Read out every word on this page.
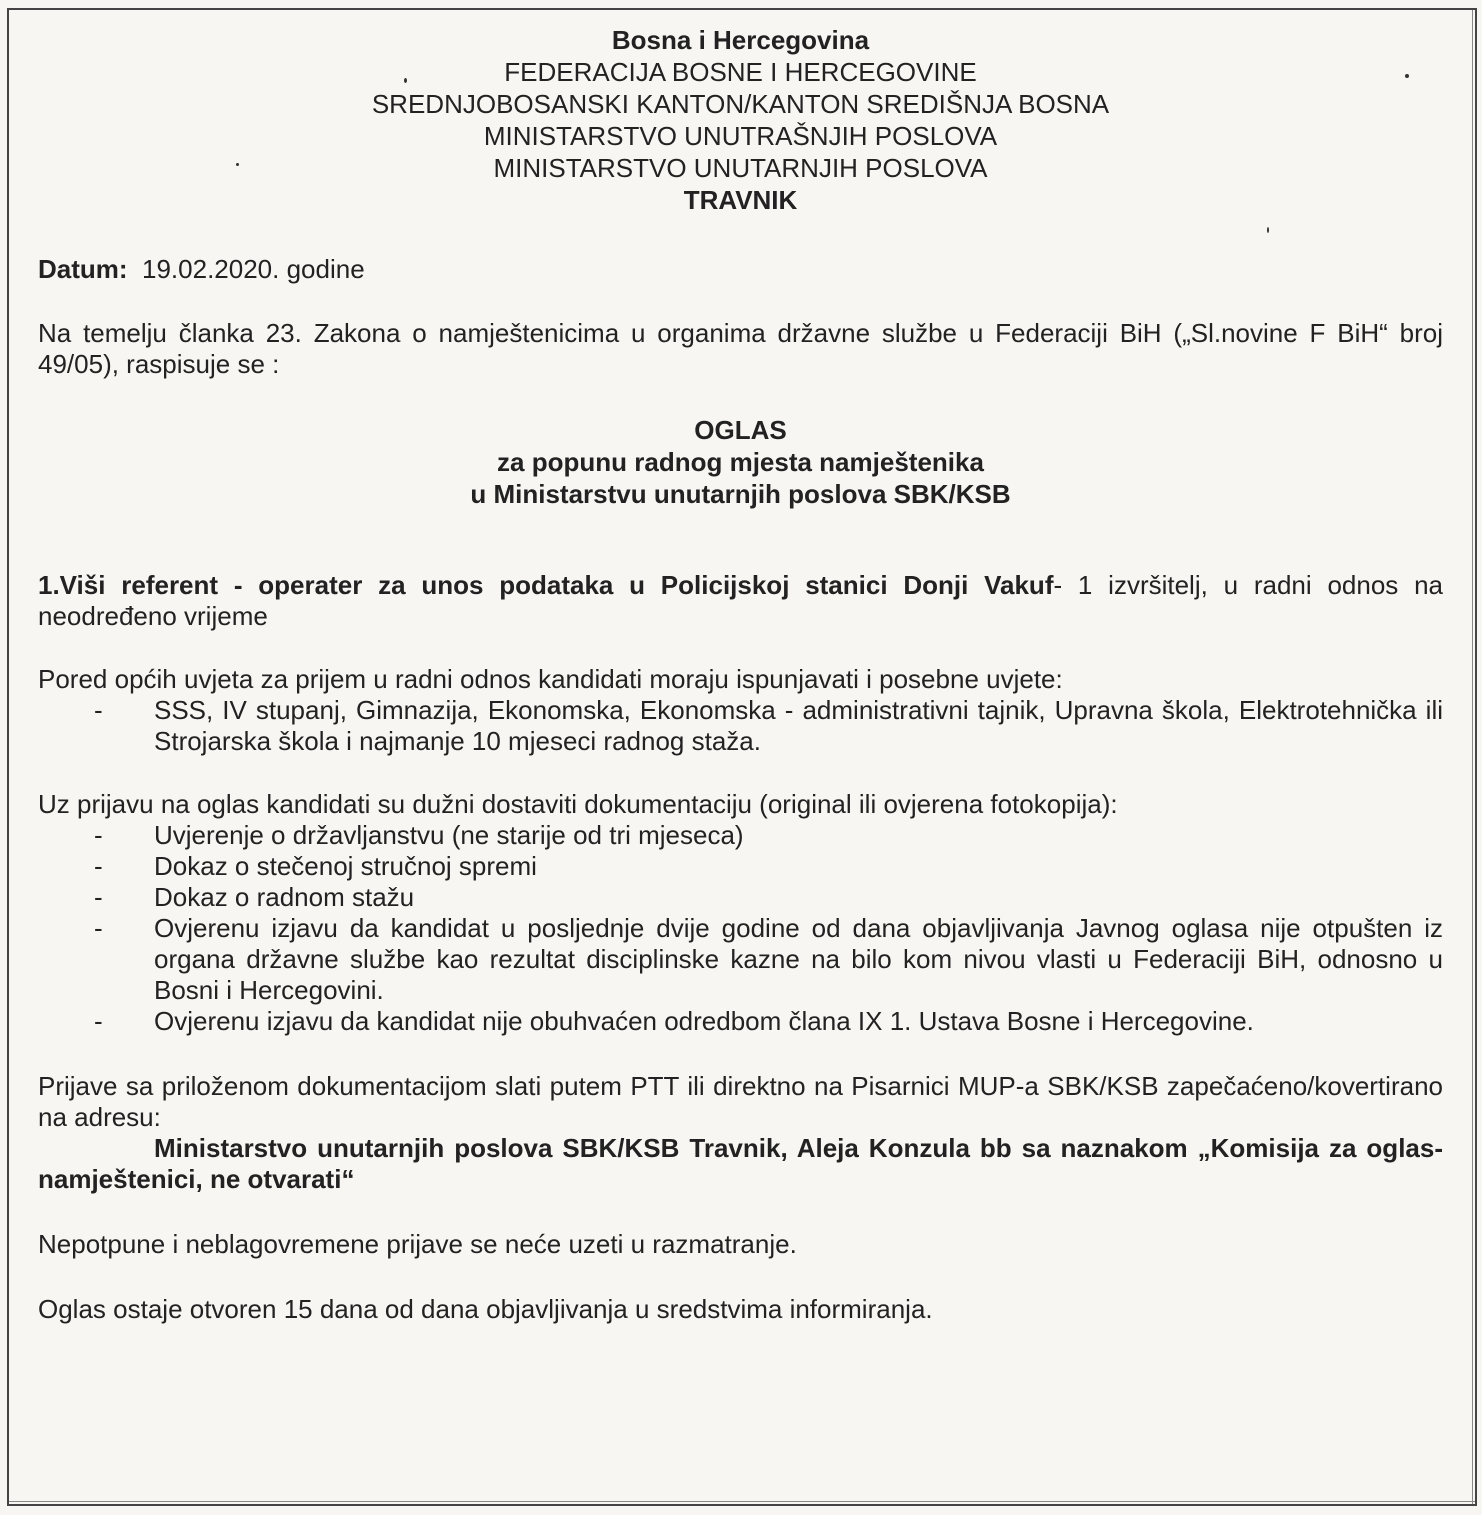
Bosna i Hercegovina
FEDERACIJA BOSNE I HERCEGOVINE
SREDNJOBOSANSKI KANTON/KANTON SREDIŠNJA BOSNA
MINISTARSTVO UNUTRAŠNJIH POSLOVA
MINISTARSTVO UNUTARNJIH POSLOVA
TRAVNIK
Datum: 19.02.2020. godine

Na temelju članka 23. Zakona o namještenicima u organima državne službe u Federaciji BiH („Sl.novine F BiH“ broj 49/05), raspisuje se :

OGLAS
za popunu radnog mjesta namještenika
u Ministarstvu unutarnjih poslova SBK/KSB

1.Viši referent - operater za unos podataka u Policijskoj stanici Donji Vakuf- 1 izvršitelj, u radni odnos na neodređeno vrijeme

Pored općih uvjeta za prijem u radni odnos kandidati moraju ispunjavati i posebne uvjete:

- SSS, IV stupanj, Gimnazija, Ekonomska, Ekonomska - administrativni tajnik, Upravna škola, Elektrotehnička ili Strojarska škola i najmanje 10 mjeseci radnog staža.

Uz prijavu na oglas kandidati su dužni dostaviti dokumentaciju (original ili ovjerena fotokopija):

- Uvjerenje o državljanstvu (ne starije od tri mjeseca)
- Dokaz o stečenoj stručnoj spremi
- Dokaz o radnom stažu
- Ovjerenu izjavu da kandidat u posljednje dvije godine od dana objavljivanja Javnog oglasa nije otpušten iz organa državne službe kao rezultat disciplinske kazne na bilo kom nivou vlasti u Federaciji BiH, odnosno u Bosni i Hercegovini.
- Ovjerenu izjavu da kandidat nije obuhvaćen odredbom člana IX 1. Ustava Bosne i Hercegovine.

Prijave sa priloženom dokumentacijom slati putem PTT ili direktno na Pisarnici MUP-a SBK/KSB zapečaćeno/kovertirano na adresu:

Ministarstvo unutarnjih poslova SBK/KSB Travnik, Aleja Konzula bb sa naznakom „Komisija za oglas-namještenici, ne otvarati“

Nepotpune i neblagovremene prijave se neće uzeti u razmatranje.

Oglas ostaje otvoren 15 dana od dana objavljivanja u sredstvima informiranja.
